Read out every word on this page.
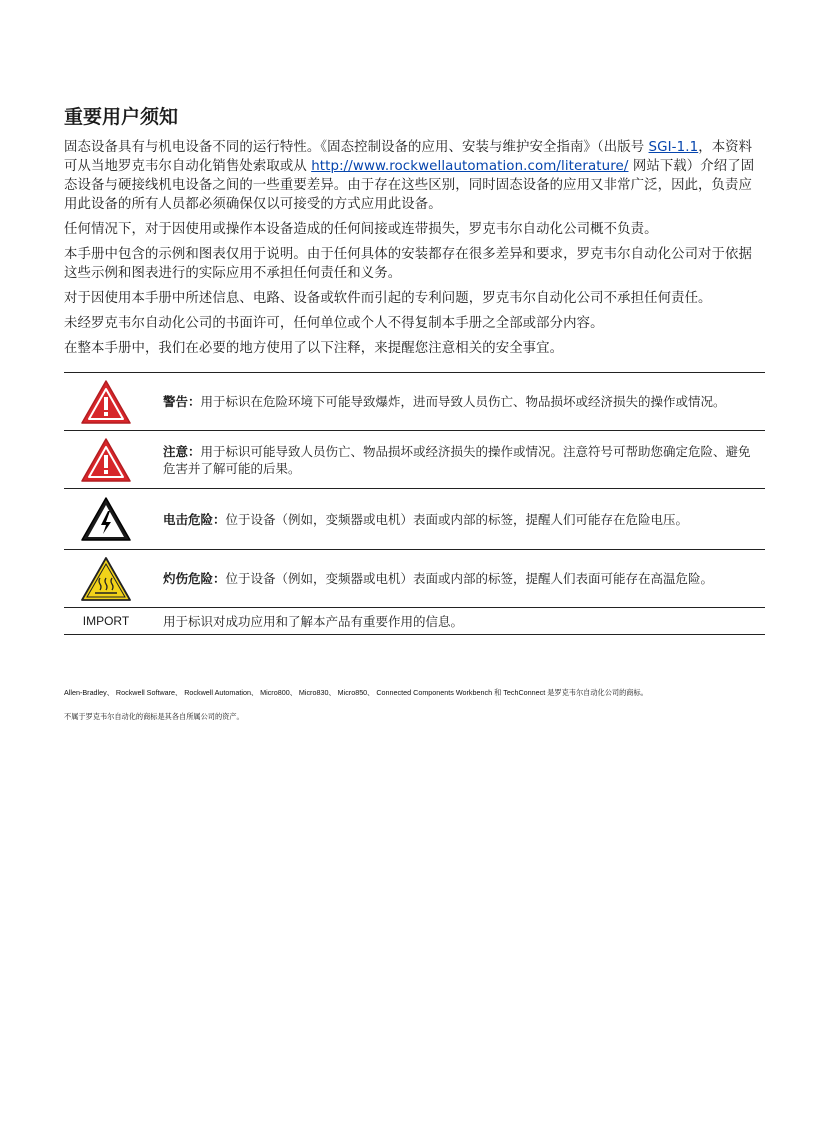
重要用户须知

固态设备具有与机电设备不同的运行特性。《固态控制设备的应用、安装与维护安全指南》（出版号 SGI-1.1，本资料可从当地罗克韦尔自动化销售处索取或从 http://www.rockwellautomation.com/literature/ 网站下载）介绍了固态设备与硬接线机电设备之间的一些重要差异。由于存在这些区别，同时固态设备的应用又非常广泛，因此，负责应用此设备的所有人员都必须确保仅以可接受的方式应用此设备。

任何情况下，对于因使用或操作本设备造成的任何间接或连带损失，罗克韦尔自动化公司概不负责。

本手册中包含的示例和图表仅用于说明。由于任何具体的安装都存在很多差异和要求，罗克韦尔自动化公司对于依据这些示例和图表进行的实际应用不承担任何责任和义务。

对于因使用本手册中所述信息、电路、设备或软件而引起的专利问题，罗克韦尔自动化公司不承担任何责任。

未经罗克韦尔自动化公司的书面许可，任何单位或个人不得复制本手册之全部或部分内容。

在整本手册中，我们在必要的地方使用了以下注释，来提醒您注意相关的安全事宜。

	警告：用于标识在危险环境下可能导致爆炸，进而导致人员伤亡、物品损坏或经济损失的操作或情况。

	注意：用于标识可能导致人员伤亡、物品损坏或经济损失的操作或情况。注意符号可帮助您确定危险、避免危害并了解可能的后果。

	电击危险：位于设备（例如，变频器或电机）表面或内部的标签，提醒人们可能存在危险电压。

	灼伤危险：位于设备（例如，变频器或电机）表面或内部的标签，提醒人们表面可能存在高温危险。
IMPORT	用于标识对成功应用和了解本产品有重要作用的信息。
Allen-Bradley、 Rockwell Software、 Rockwell Automation、 Micro800、 Micro830、 Micro850、 Connected Components Workbench 和 TechConnect 是罗克韦尔自动化公司的商标。
不属于罗克韦尔自动化的商标是其各自所属公司的资产。
